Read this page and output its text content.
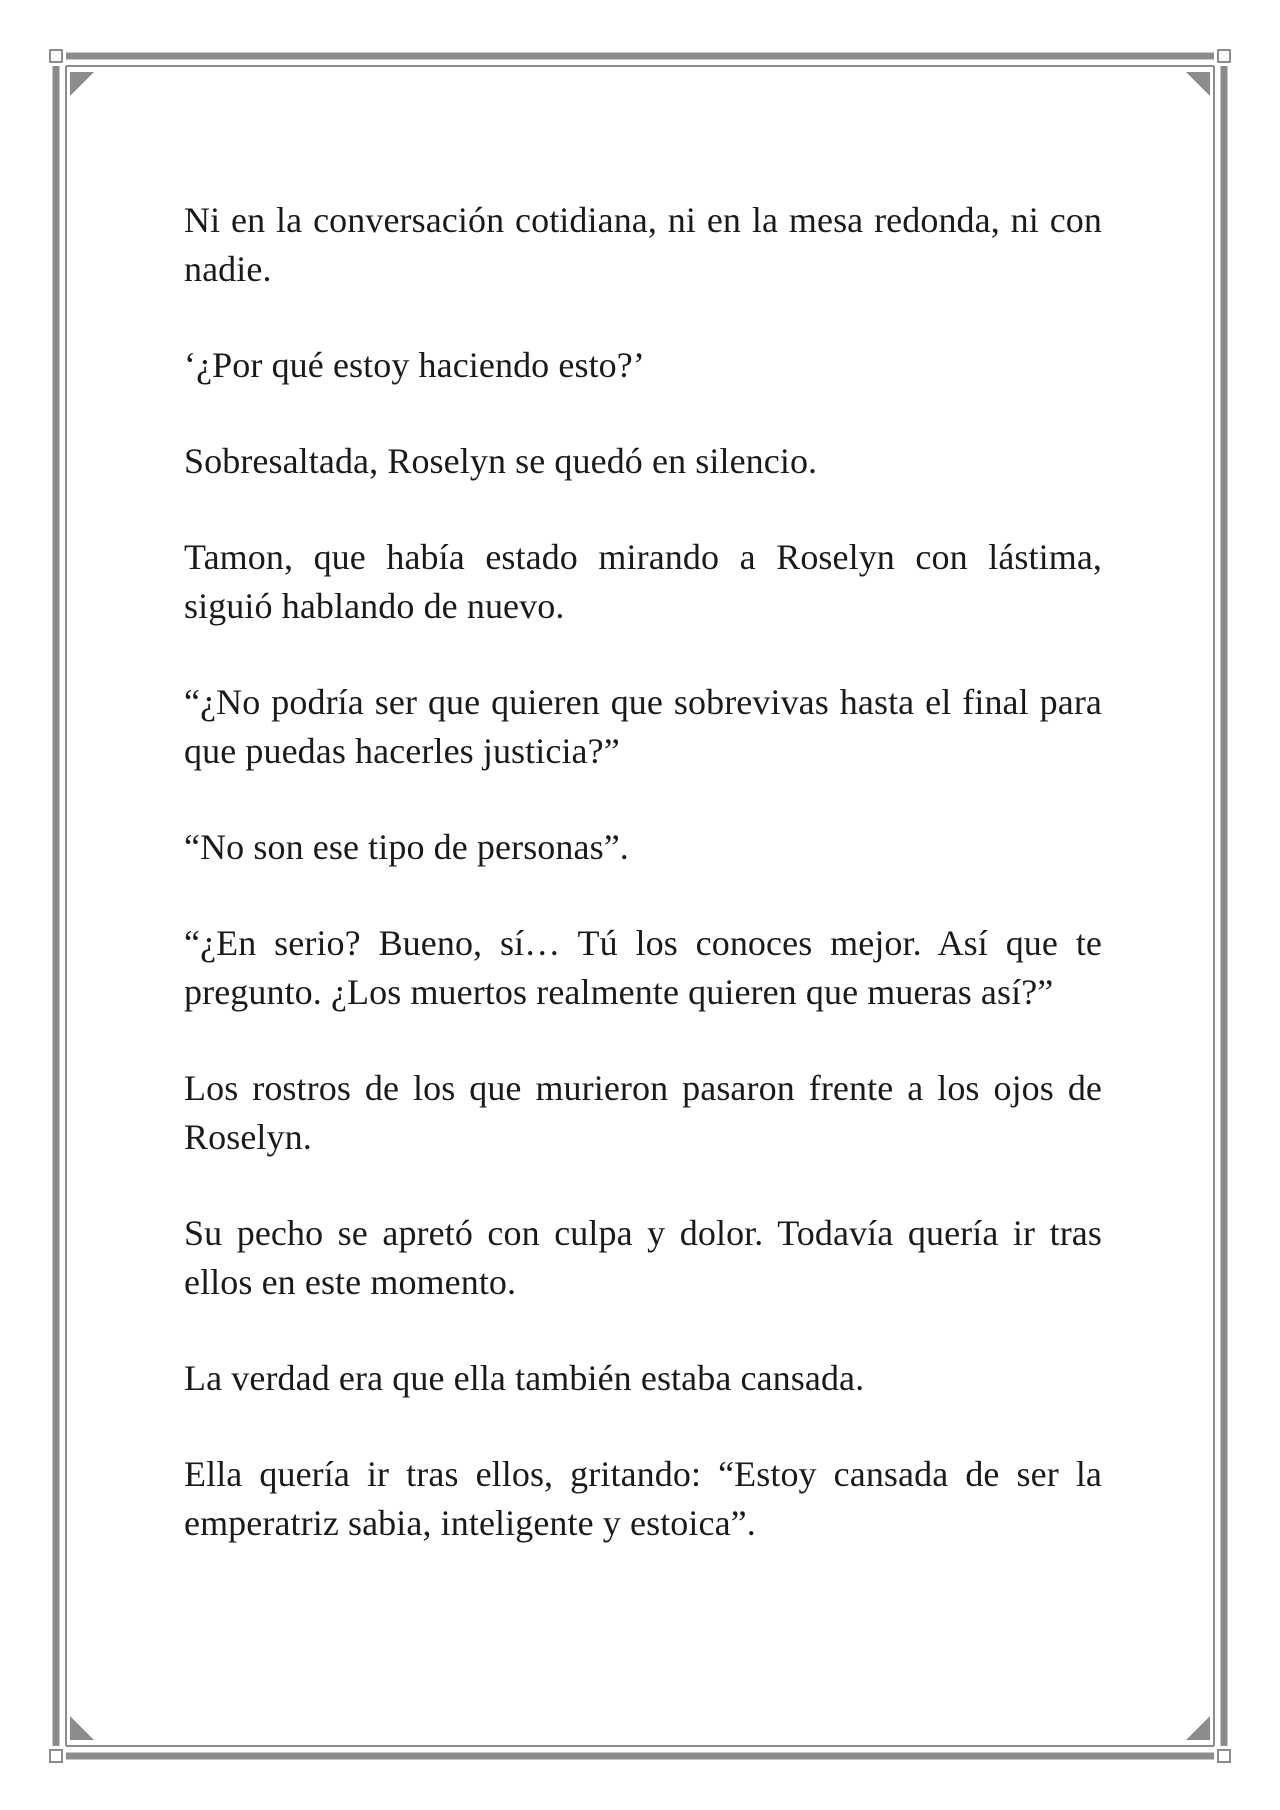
Ni en la conversación cotidiana, ni en la mesa redonda, ni con nadie.

‘¿Por qué estoy haciendo esto?’

Sobresaltada, Roselyn se quedó en silencio.

Tamon, que había estado mirando a Roselyn con lástima, siguió hablando de nuevo.

“¿No podría ser que quieren que sobrevivas hasta el final para que puedas hacerles justicia?”

“No son ese tipo de personas”.

“¿En serio? Bueno, sí… Tú los conoces mejor. Así que te pregunto. ¿Los muertos realmente quieren que mueras así?”

Los rostros de los que murieron pasaron frente a los ojos de Roselyn.

Su pecho se apretó con culpa y dolor. Todavía quería ir tras ellos en este momento.

La verdad era que ella también estaba cansada.

Ella quería ir tras ellos, gritando: “Estoy cansada de ser la emperatriz sabia, inteligente y estoica”.
